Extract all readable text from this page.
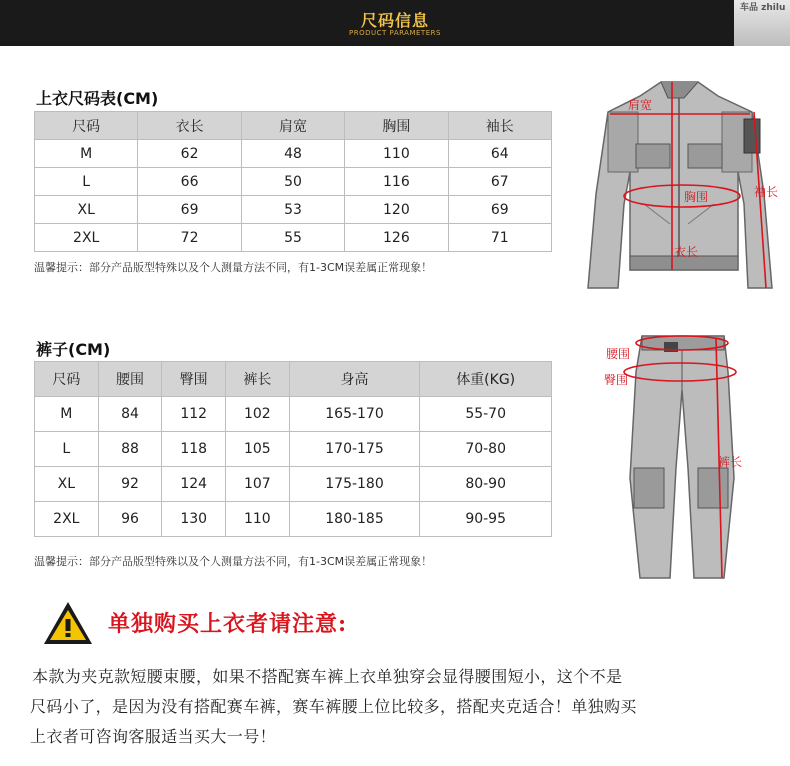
尺码信息
PRODUCT PARAMETERS
车品 zhilu
上衣尺码表(CM)
尺码	衣长	肩宽	胸围	袖长
M	62	48	110	64
L	66	50	116	67
XL	69	53	120	69
2XL	72	55	126	71
温馨提示：部分产品版型特殊以及个人测量方法不同，有1-3CM误差属正常现象！
肩宽
胸围	袖长
衣长
裤子(CM)
尺码	腰围	臀围	裤长	身高	体重(KG)
M	84	112	102	165-170	55-70
L	88	118	105	170-175	70-80
XL	92	124	107	175-180	80-90
2XL	96	130	110	180-185	90-95
温馨提示：部分产品版型特殊以及个人测量方法不同，有1-3CM误差属正常现象！
腰围
臀围
裤长
单独购买上衣者请注意:
本款为夹克款短腰束腰，如果不搭配赛车裤上衣单独穿会显得腰围短小，这个不是
尺码小了，是因为没有搭配赛车裤，赛车裤腰上位比较多，搭配夹克适合！单独购买
上衣者可咨询客服适当买大一号！
